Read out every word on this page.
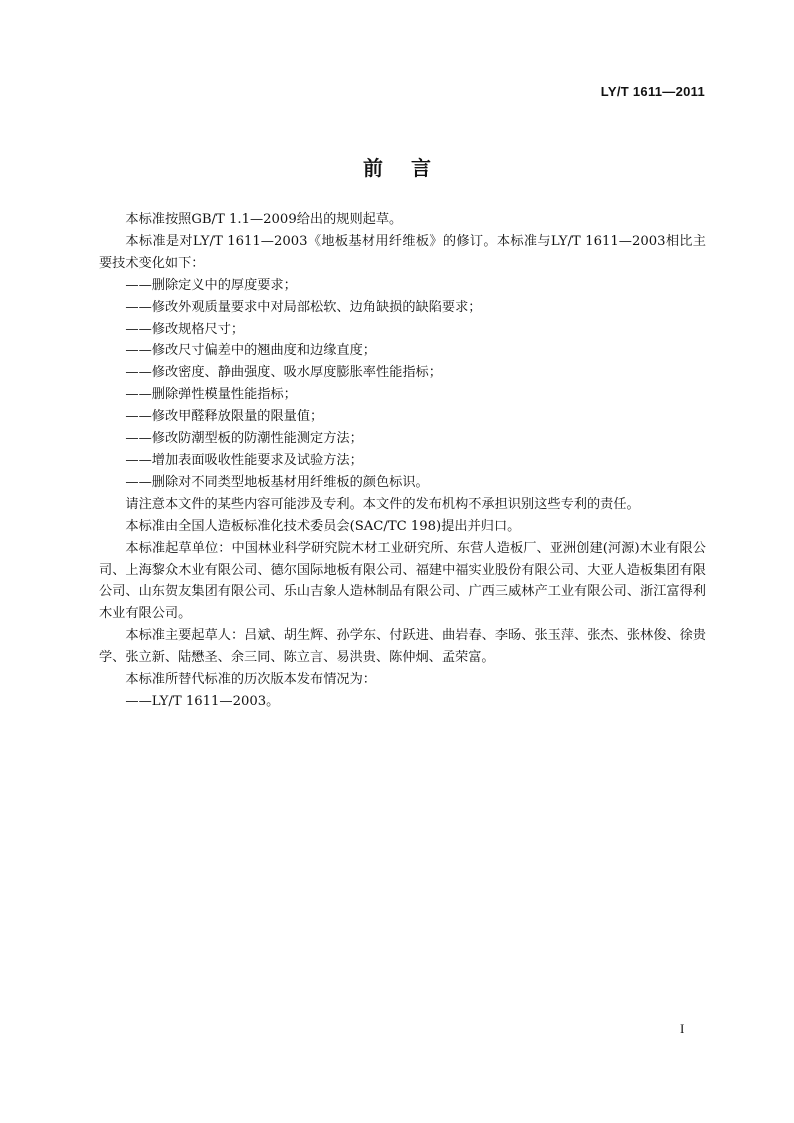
LY/T 1611—2011
前言

本标准按照GB/T 1.1—2009给出的规则起草。

本标准是对LY/T 1611—2003《地板基材用纤维板》的修订。本标准与LY/T 1611—2003相比主要技术变化如下：

——删除定义中的厚度要求；

——修改外观质量要求中对局部松软、边角缺损的缺陷要求；

——修改规格尺寸；

——修改尺寸偏差中的翘曲度和边缘直度；

——修改密度、静曲强度、吸水厚度膨胀率性能指标；

——删除弹性模量性能指标；

——修改甲醛释放限量的限量值；

——修改防潮型板的防潮性能测定方法；

——增加表面吸收性能要求及试验方法；

——删除对不同类型地板基材用纤维板的颜色标识。

请注意本文件的某些内容可能涉及专利。本文件的发布机构不承担识别这些专利的责任。

本标准由全国人造板标准化技术委员会(SAC/TC 198)提出并归口。

本标准起草单位：中国林业科学研究院木材工业研究所、东营人造板厂、亚洲创建(河源)木业有限公司、上海黎众木业有限公司、德尔国际地板有限公司、福建中福实业股份有限公司、大亚人造板集团有限公司、山东贺友集团有限公司、乐山吉象人造林制品有限公司、广西三威林产工业有限公司、浙江富得利木业有限公司。

本标准主要起草人：吕斌、胡生辉、孙学东、付跃进、曲岩春、李旸、张玉萍、张杰、张林俊、徐贵学、张立新、陆懋圣、余三同、陈立言、易洪贵、陈仲炯、孟荣富。

本标准所替代标准的历次版本发布情况为：

——LY/T 1611—2003。

I
